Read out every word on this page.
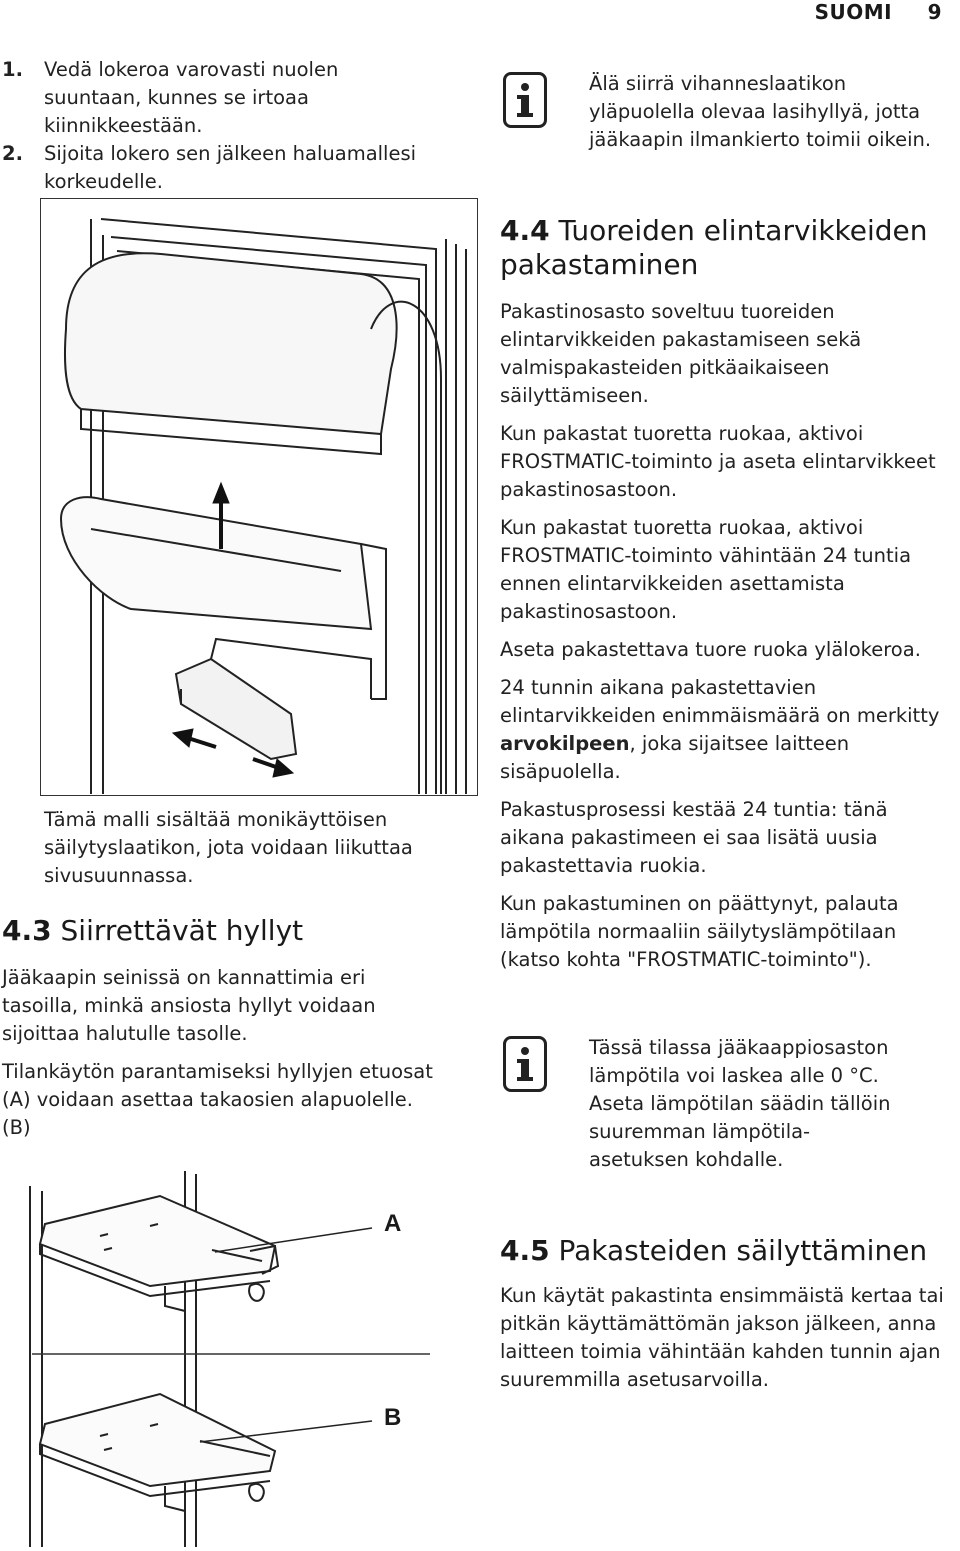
SUOMI 9
1.	Vedä lokeroa varovasti nuolen suuntaan, kunnes se irtoaa kiinnikkeestään.
2.	Sijoita lokero sen jälkeen haluamallesi korkeudelle.
Tämä malli sisältää monikäyttöisen säilytyslaatikon, jota voidaan liikuttaa sivusuunnassa.
4.3 Siirrettävät hyllyt

Jääkaapin seinissä on kannattimia eri tasoilla, minkä ansiosta hyllyt voidaan sijoittaa halutulle tasolle.

Tilankäytön parantamiseksi hyllyjen etuosat (A) voidaan asettaa takaosien alapuolelle. (B)

A
B
Älä siirrä vihanneslaatikon yläpuolella olevaa lasihyllyä, jotta jääkaapin ilmankierto toimii oikein.
4.4 Tuoreiden elintarvikkeiden pakastaminen

Pakastinosasto soveltuu tuoreiden elintarvikkeiden pakastamiseen sekä valmispakasteiden pitkäaikaiseen säilyttämiseen.

Kun pakastat tuoretta ruokaa, aktivoi FROSTMATIC-toiminto ja aseta elintarvikkeet pakastinosastoon.

Kun pakastat tuoretta ruokaa, aktivoi FROSTMATIC-toiminto vähintään 24 tuntia ennen elintarvikkeiden asettamista pakastinosastoon.

Aseta pakastettava tuore ruoka ylälokeroa.

24 tunnin aikana pakastettavien elintarvikkeiden enimmäismäärä on merkitty arvokilpeen, joka sijaitsee laitteen sisäpuolella.

Pakastusprosessi kestää 24 tuntia: tänä aikana pakastimeen ei saa lisätä uusia pakastettavia ruokia.

Kun pakastuminen on päättynyt, palauta lämpötila normaaliin säilytyslämpötilaan (katso kohta "FROSTMATIC-toiminto").

Tässä tilassa jääkaappiosaston lämpötila voi laskea alle 0 °C. Aseta lämpötilan säädin tällöin suuremman lämpötila-asetuksen kohdalle.
4.5 Pakasteiden säilyttäminen

Kun käytät pakastinta ensimmäistä kertaa tai pitkän käyttämättömän jakson jälkeen, anna laitteen toimia vähintään kahden tunnin ajan suuremmilla asetusarvoilla.
